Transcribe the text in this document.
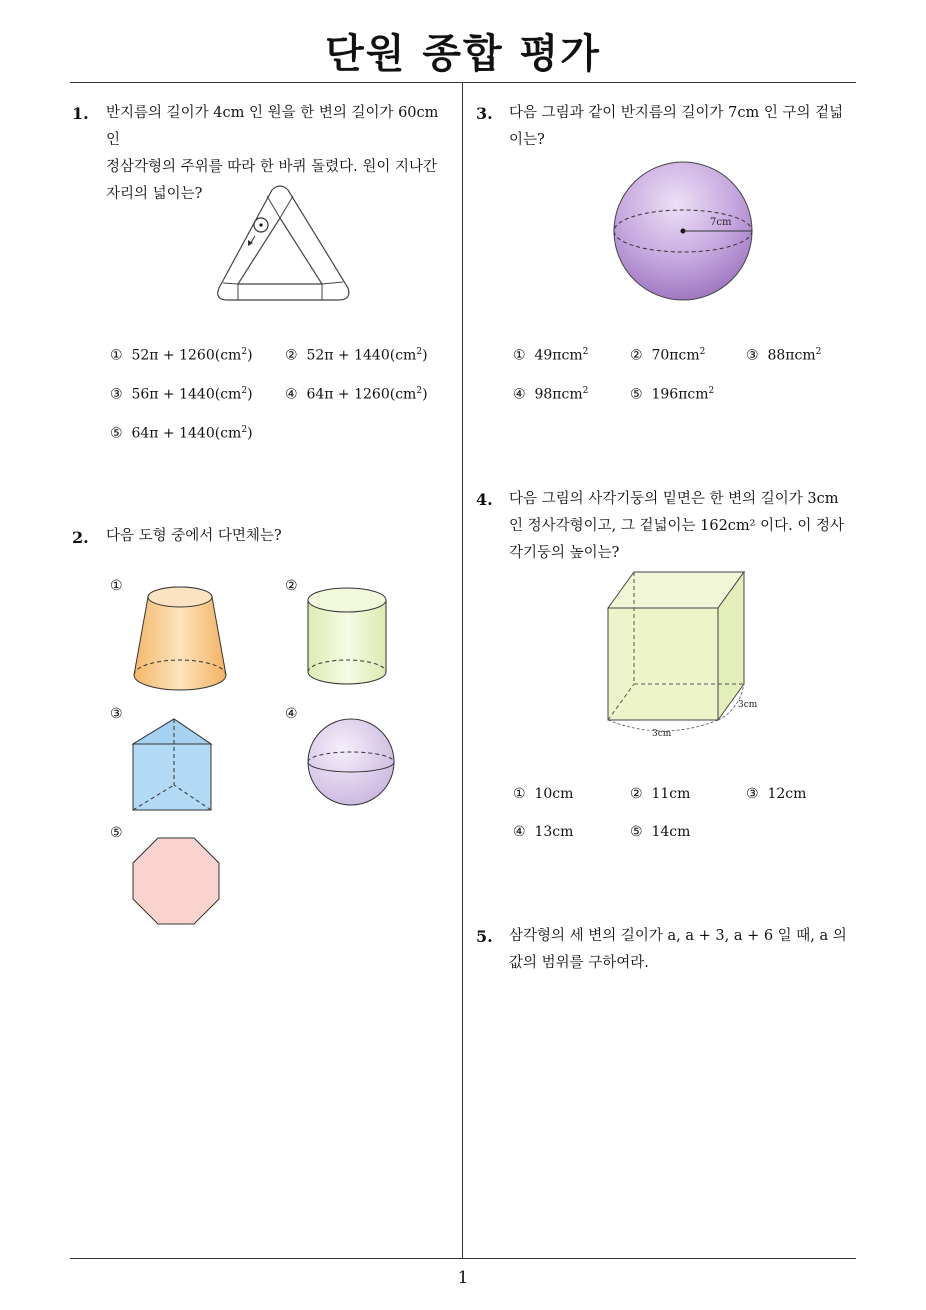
단원 종합 평가
1
1. 반지름의 길이가 4cm 인 원을 한 변의 길이가 60cm 인
정삼각형의 주위를 따라 한 바퀴 돌렸다. 원이 지나간
자리의 넓이는?
① $52\pi + 1260(cm^2)$ ② $52\pi + 1440(cm^2)$
③ $56\pi + 1440(cm^2)$ ④ $64\pi + 1260(cm^2)$
⑤ $64\pi + 1440(cm^2)$
2. 다음 도형 중에서 다면체는?
①	②
③	④
⑤
3. 다음 그림과 같이 반지름의 길이가 7cm 인 구의 겉넓
이는?
7cm
① 49πcm$^2$	② 70πcm$^2$	③ 88πcm$^2$
④ 98πcm$^2$	⑤ 196πcm$^2$
4. 다음 그림의 사각기둥의 밑면은 한 변의 길이가 3cm
인 정사각형이고, 그 겉넓이는 162cm² 이다. 이 정사
각기둥의 높이는?
3cm
3cm
① 10cm	② 11cm	③ 12cm
④ 13cm	⑤ 14cm
5. 삼각형의 세 변의 길이가 a, a + 3, a + 6 일 때, a 의
값의 범위를 구하여라.
